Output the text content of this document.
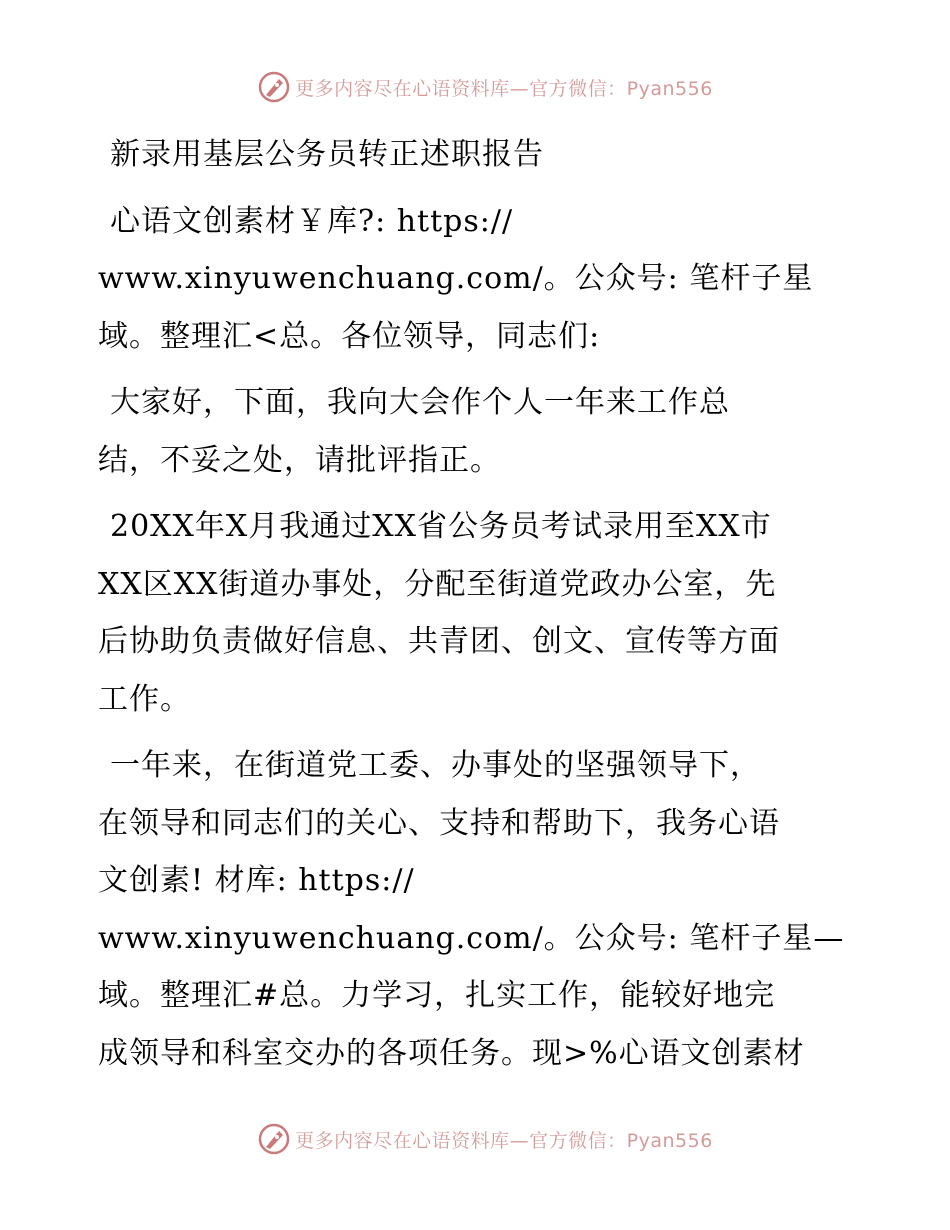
更多内容尽在心语资料库—官方微信：Pyan556
新录用基层公务员转正述职报告
心语文创素材￥库?: https://
www.xinyuwenchuang.com/。公众号: 笔杆子星
域。整理汇<总。各位领导，同志们:
大家好，下面，我向大会作个人一年来工作总
结，不妥之处，请批评指正。
20XX年X月我通过XX省公务员考试录用至XX市
XX区XX街道办事处，分配至街道党政办公室，先
后协助负责做好信息、共青团、创文、宣传等方面
工作。
一年来，在街道党工委、办事处的坚强领导下，
在领导和同志们的关心、支持和帮助下，我务心语
文创素! 材库: https://
www.xinyuwenchuang.com/。公众号: 笔杆子星—
域。整理汇#总。力学习，扎实工作，能较好地完
成领导和科室交办的各项任务。现>%心语文创素材
更多内容尽在心语资料库—官方微信：Pyan556
